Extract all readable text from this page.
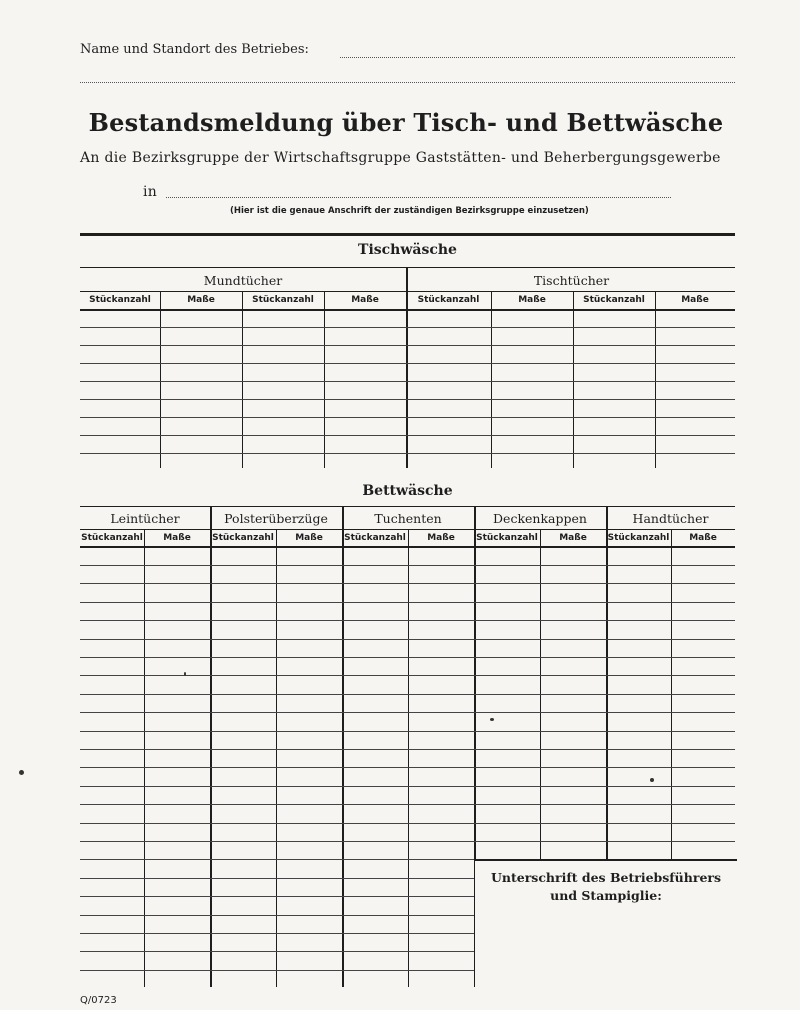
Name und Standort des Betriebes:
Bestandsmeldung über Tisch- und Bettwäsche
An die Bezirksgruppe der Wirtschaftsgruppe Gaststätten- und Beherbergungsgewerbe
in
(Hier ist die genaue Anschrift der zuständigen Bezirksgruppe einzusetzen)
Tischwäsche
Mundtücher	Tischtücher
Stückanzahl	Maße	Stückanzahl	Maße	Stückanzahl	Maße	Stückanzahl	Maße
Bettwäsche
Leintücher	Polsterüberzüge	Tuchenten	Deckenkappen	Handtücher
Stückanzahl	Maße	Stückanzahl	Maße	Stückanzahl	Maße	Stückanzahl	Maße	Stückanzahl	Maße
Unterschrift des Betriebsführers
und Stampiglie:
Q/0723
